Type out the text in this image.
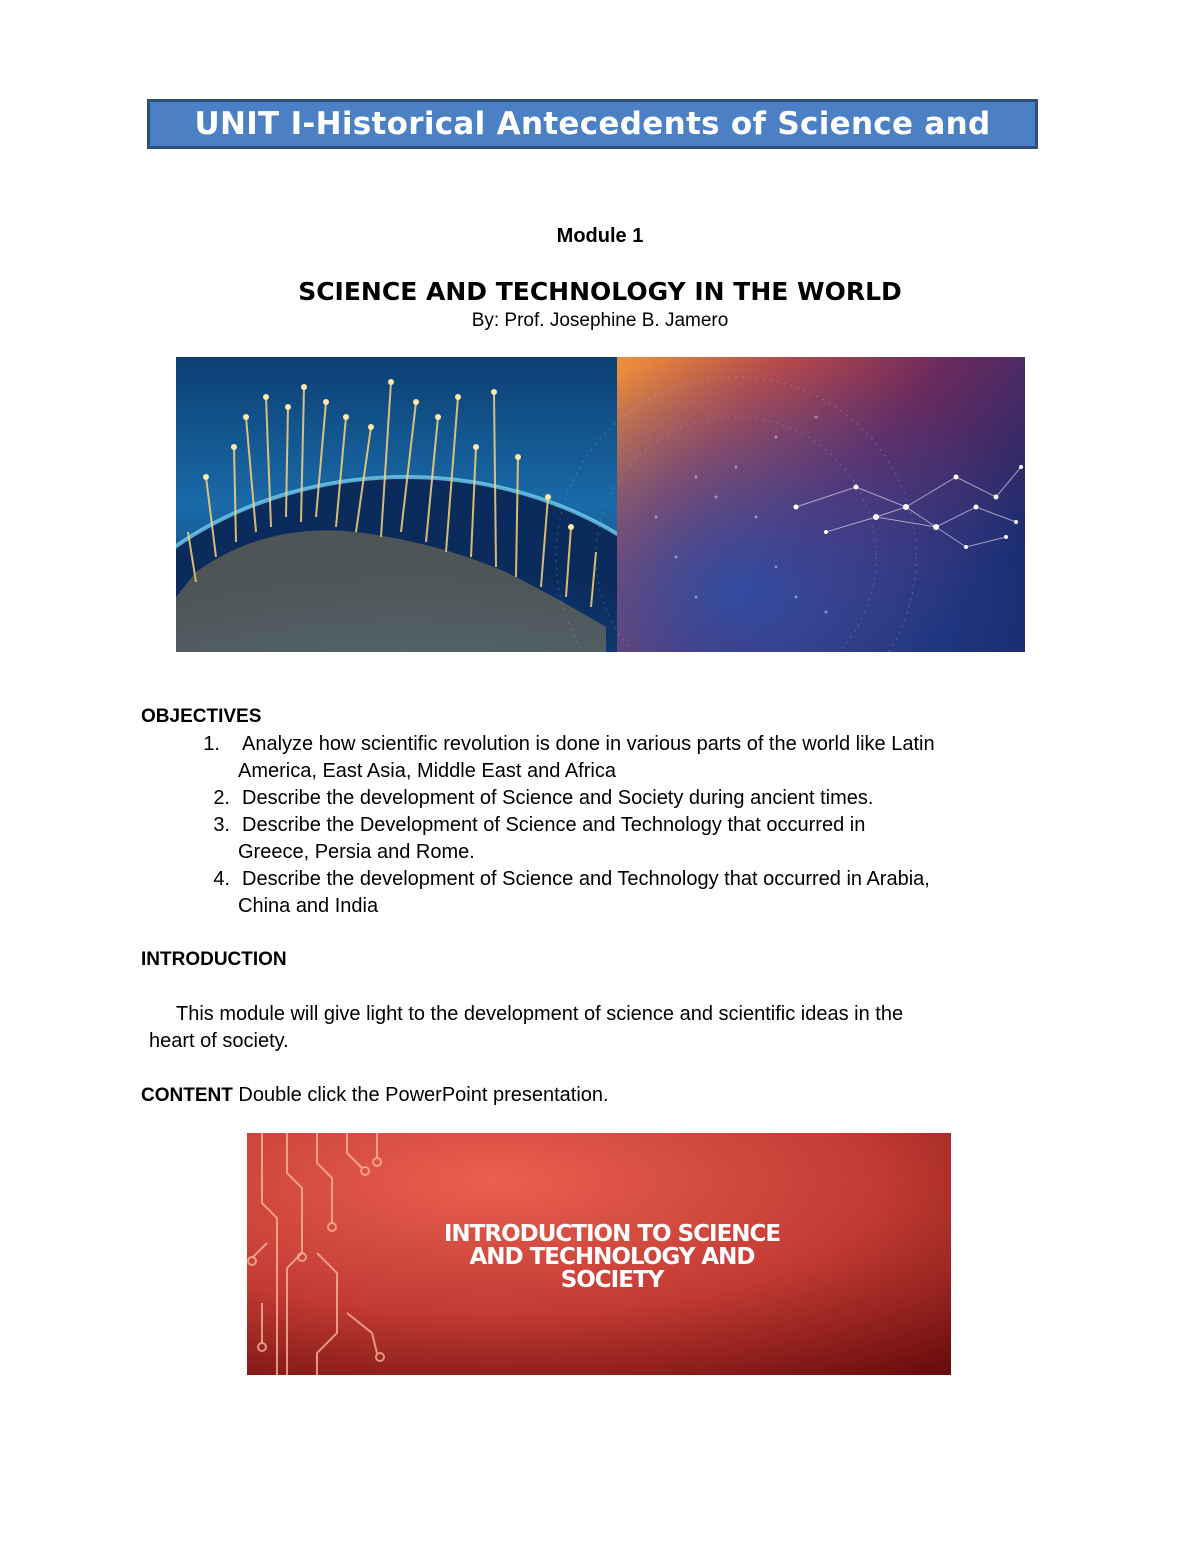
UNIT I-Historical Antecedents of Science and
Module 1
SCIENCE AND TECHNOLOGY IN THE WORLD
By: Prof. Josephine B. Jamero
OBJECTIVES
1.	Analyze how scientific revolution is done in various parts of the world like Latin
America, East Asia, Middle East and Africa
2. Describe the development of Science and Society during ancient times.
3. Describe the Development of Science and Technology that occurred in
Greece, Persia and Rome.
4. Describe the development of Science and Technology that occurred in Arabia,
China and India
INTRODUCTION
This module will give light to the development of science and scientific ideas in the
heart of society.
CONTENT Double click the PowerPoint presentation.
INTRODUCTION TO SCIENCE
AND TECHNOLOGY AND
SOCIETY
